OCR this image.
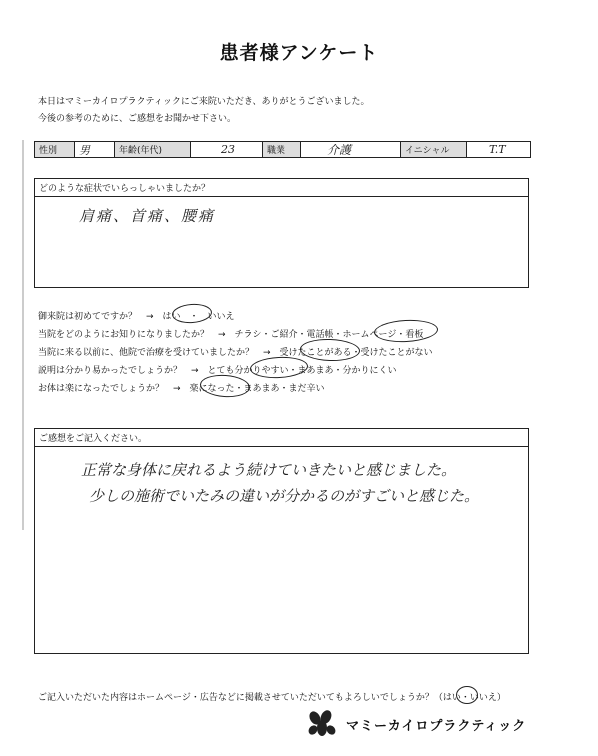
患者様アンケート
本日はマミーカイロプラクティックにご来院いただき、ありがとうございました。
今後の参考のために、ご感想をお聞かせ下さい。
性別	男	年齢(年代)	23	職業	介護	イニシャル	T.T
どのような症状でいらっしゃいましたか？
肩痛、首痛、腰痛
御来院は初めてですか？　→　はい　・　いいえ
当院をどのようにお知りになりましたか？　→　チラシ・ご紹介・電話帳・ホームページ・看板
当院に来る以前に、他院で治療を受けていましたか？　→　受けたことがある・受けたことがない
説明は分かり易かったでしょうか？　→　とても分かりやすい・まあまあ・分かりにくい
お体は楽になったでしょうか？　→　楽になった・まあまあ・まだ辛い
ご感想をご記入ください。
正常な身体に戻れるよう続けていきたいと感じました。
少しの施術でいたみの違いが分かるのがすごいと感じた。
ご記入いただいた内容はホームページ・広告などに掲載させていただいてもよろしいでしょうか？（はい・いいえ）
マミーカイロプラクティック
